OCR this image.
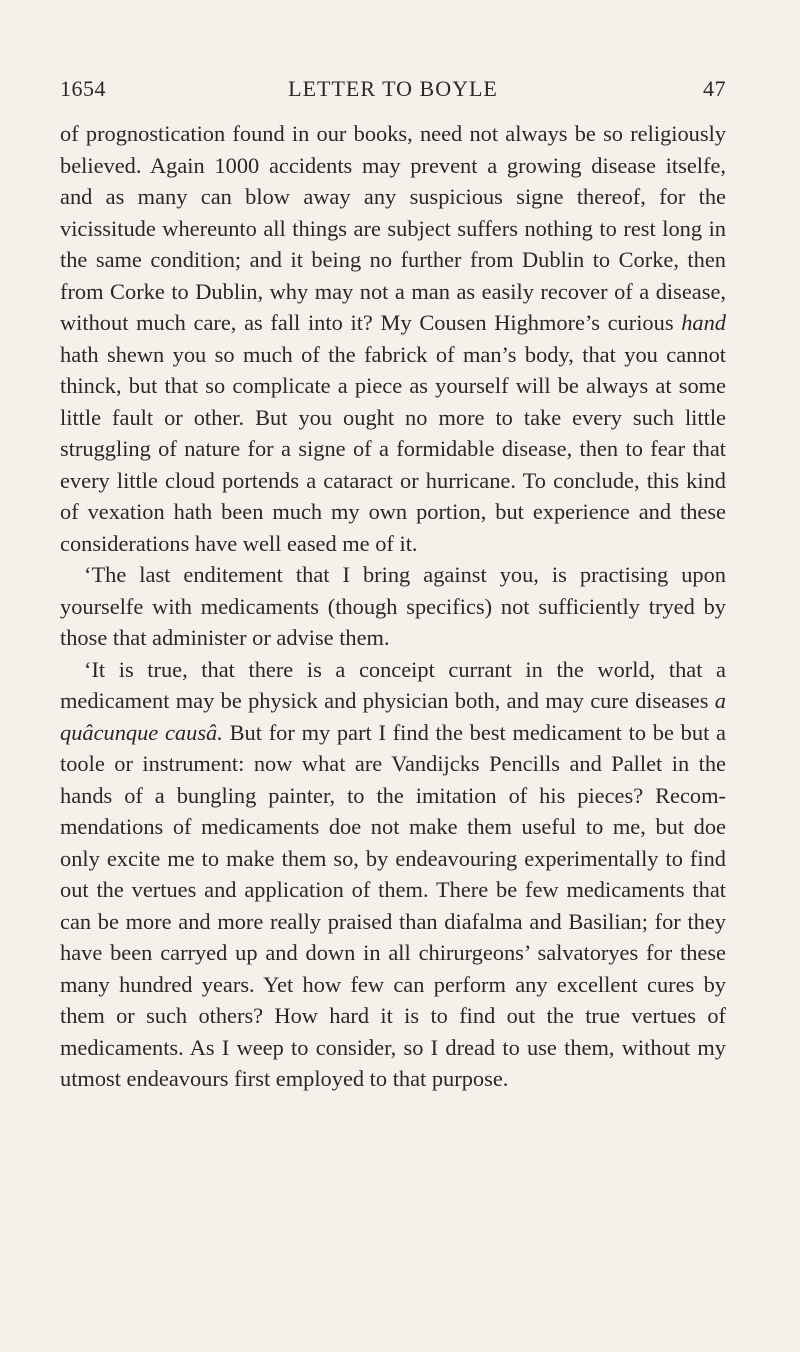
1654	LETTER TO BOYLE	47

of prognostication found in our books, need not always be so religiously believed. Again 1000 accidents may prevent a growing disease itselfe, and as many can blow away any suspicious signe thereof, for the vicissitude whereunto all things are subject suffers nothing to rest long in the same condition; and it being no further from Dublin to Corke, then from Corke to Dublin, why may not a man as easily recover of a disease, without much care, as fall into it? My Cousen Highmore’s curious hand hath shewn you so much of the fabrick of man’s body, that you cannot thinck, but that so complicate a piece as yourself will be always at some little fault or other. But you ought no more to take every such little struggling of nature for a signe of a formidable disease, then to fear that every little cloud portends a cataract or hurricane. To conclude, this kind of vexation hath been much my own portion, but experience and these considerations have well eased me of it.

‘The last enditement that I bring against you, is practising upon yourselfe with medicaments (though specifics) not sufficiently tryed by those that administer or advise them.

‘It is true, that there is a conceipt currant in the world, that a medicament may be physick and physician both, and may cure diseases a quâcunque causâ. But for my part I find the best medicament to be but a toole or instrument: now what are Vandijcks Pencills and Pallet in the hands of a bungling painter, to the imitation of his pieces? Recommendations of medicaments doe not make them useful to me, but doe only excite me to make them so, by endeavouring experimentally to find out the vertues and application of them. There be few medicaments that can be more and more really praised than diafalma and Basilian; for they have been carryed up and down in all chirurgeons’ salvatoryes for these many hundred years. Yet how few can perform any excellent cures by them or such others? How hard it is to find out the true vertues of medicaments. As I weep to consider, so I dread to use them, without my utmost endeavours first employed to that purpose.
